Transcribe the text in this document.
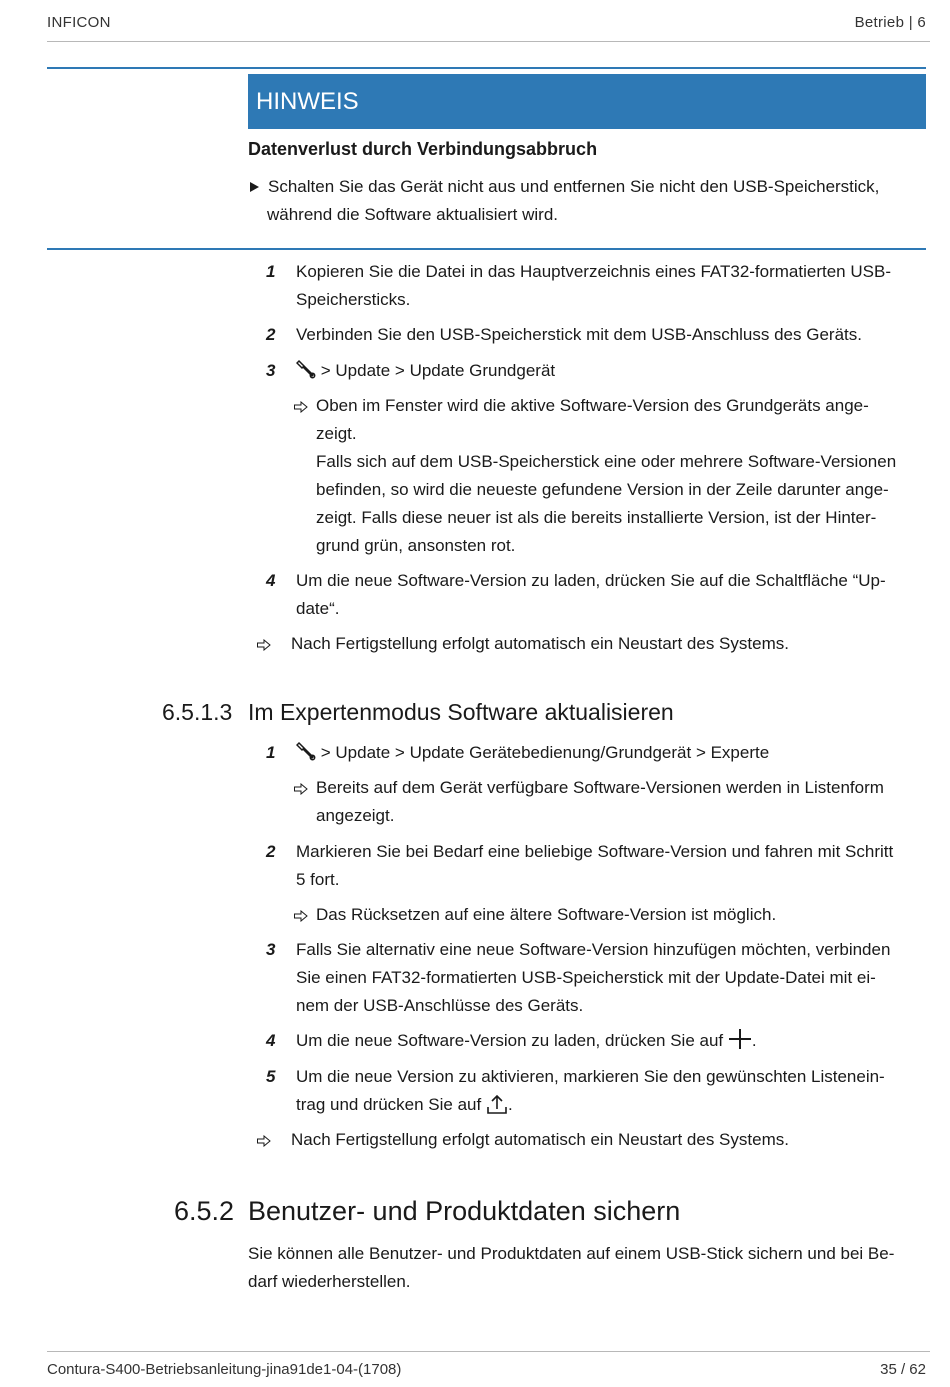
INFICON	Betrieb | 6
HINWEIS
Datenverlust durch Verbindungsabbruch
Schalten Sie das Gerät nicht aus und entfernen Sie nicht den USB-Speicherstick,
während die Software aktualisiert wird.
1 Kopieren Sie die Datei in das Hauptverzeichnis eines FAT32-formatierten USB-
Speichersticks.
2 Verbinden Sie den USB-Speicherstick mit dem USB-Anschluss des Geräts.
3	> Update > Update Grundgerät
Oben im Fenster wird die aktive Software-Version des Grundgeräts ange-
zeigt.
Falls sich auf dem USB-Speicherstick eine oder mehrere Software-Versionen
befinden, so wird die neueste gefundene Version in der Zeile darunter ange-
zeigt. Falls diese neuer ist als die bereits installierte Version, ist der Hinter-
grund grün, ansonsten rot.
4 Um die neue Software-Version zu laden, drücken Sie auf die Schaltfläche “Up-
date“.
Nach Fertigstellung erfolgt automatisch ein Neustart des Systems.
6.5.1.3 Im Expertenmodus Software aktualisieren
1	> Update > Update Gerätebedienung/Grundgerät > Experte
Bereits auf dem Gerät verfügbare Software-Versionen werden in Listenform
angezeigt.
2 Markieren Sie bei Bedarf eine beliebige Software-Version und fahren mit Schritt
5 fort.
Das Rücksetzen auf eine ältere Software-Version ist möglich.
3 Falls Sie alternativ eine neue Software-Version hinzufügen möchten, verbinden
Sie einen FAT32-formatierten USB-Speicherstick mit der Update-Datei mit ei-
nem der USB-Anschlüsse des Geräts.
4 Um die neue Software-Version zu laden, drücken Sie auf .
5 Um die neue Version zu aktivieren, markieren Sie den gewünschten Listenein-
trag und drücken Sie auf .
Nach Fertigstellung erfolgt automatisch ein Neustart des Systems.
6.5.2 Benutzer- und Produktdaten sichern
Sie können alle Benutzer- und Produktdaten auf einem USB-Stick sichern und bei Be-
darf wiederherstellen.
Contura-S400-Betriebsanleitung-jina91de1-04-(1708)	35 / 62
